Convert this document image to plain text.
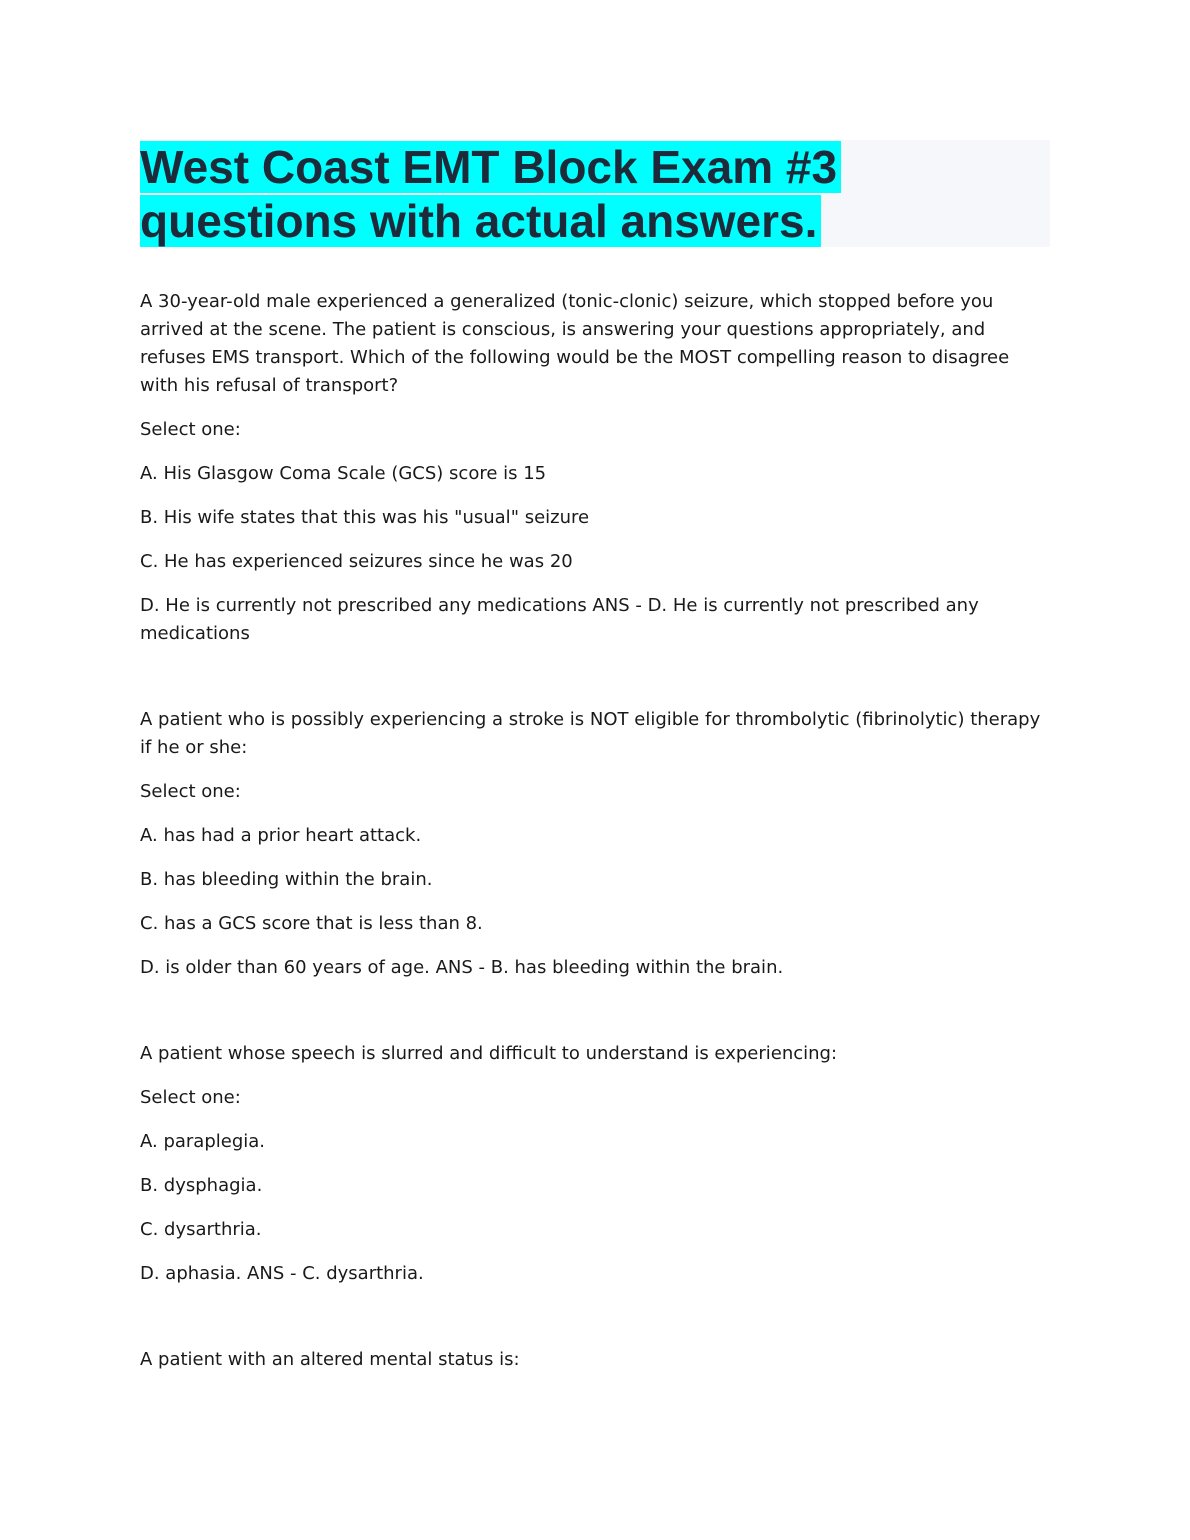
West Coast EMT Block Exam #3
questions with actual answers.

A 30-year-old male experienced a generalized (tonic-clonic) seizure, which stopped before you arrived at the scene. The patient is conscious, is answering your questions appropriately, and refuses EMS transport. Which of the following would be the MOST compelling reason to disagree with his refusal of transport?

Select one:

A. His Glasgow Coma Scale (GCS) score is 15

B. His wife states that this was his "usual" seizure

C. He has experienced seizures since he was 20

D. He is currently not prescribed any medications ANS - D. He is currently not prescribed any medications

A patient who is possibly experiencing a stroke is NOT eligible for thrombolytic (fibrinolytic) therapy if he or she:

Select one:

A. has had a prior heart attack.

B. has bleeding within the brain.

C. has a GCS score that is less than 8.

D. is older than 60 years of age. ANS - B. has bleeding within the brain.

A patient whose speech is slurred and difficult to understand is experiencing:

Select one:

A. paraplegia.

B. dysphagia.

C. dysarthria.

D. aphasia. ANS - C. dysarthria.

A patient with an altered mental status is:
